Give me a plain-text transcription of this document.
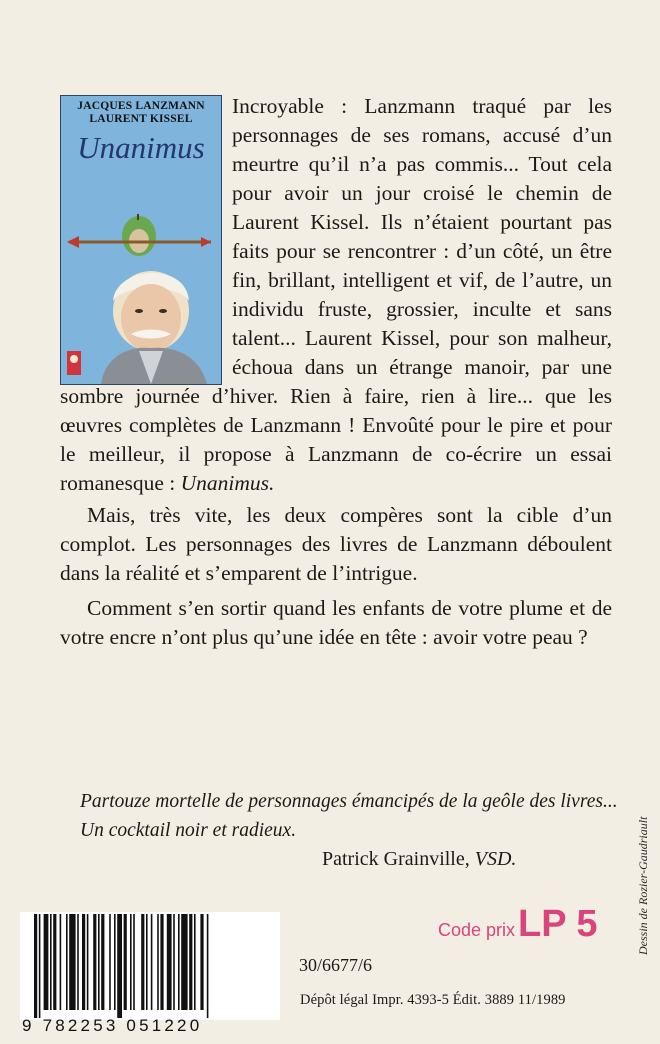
JACQUES LANZMANN
LAURENT KISSEL
Unanimus

Incroyable : Lanzmann traqué par les personnages de ses romans, accusé d’un meurtre qu’il n’a pas commis... Tout cela pour avoir un jour croisé le chemin de Laurent Kissel. Ils n’étaient pourtant pas faits pour se rencontrer : d’un côté, un être fin, brillant, intelligent et vif, de l’autre, un individu fruste, grossier, inculte et sans talent... Laurent Kissel, pour son malheur, échoua dans un étrange manoir, par une sombre journée d’hiver. Rien à faire, rien à lire... que les œuvres complètes de Lanzmann ! Envoûté pour le pire et pour le meilleur, il propose à Lanzmann de co-écrire un essai romanesque : Unanimus.

Mais, très vite, les deux compères sont la cible d’un complot. Les personnages des livres de Lanzmann déboulent dans la réalité et s’emparent de l’intrigue.

Comment s’en sortir quand les enfants de votre plume et de votre encre n’ont plus qu’une idée en tête : avoir votre peau ?

Partouze mortelle de personnages émancipés de la geôle des livres... Un cocktail noir et radieux.
Patrick Grainville, VSD.	Dessin de Rozier-Gaudriault
9 782253 051220
Code prix LP 5
30/6677/6
Dépôt légal Impr. 4393-5 Édit. 3889 11/1989
